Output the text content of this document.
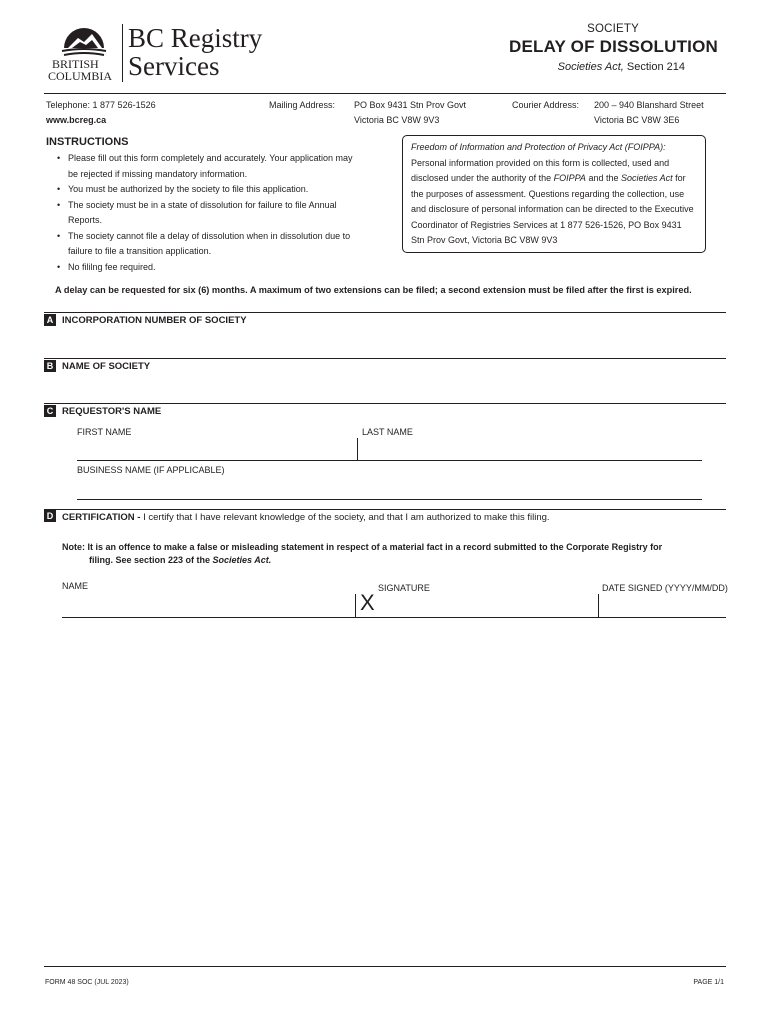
BRITISH
COLUMBIA
BC Registry
Services
SOCIETY
DELAY OF DISSOLUTION
Societies Act, Section 214
Telephone: 1 877 526-1526
www.bcreg.ca
Mailing Address: PO Box 9431 Stn Prov Govt
Victoria BC V8W 9V3
Courier Address: 200 – 940 Blanshard Street
Victoria BC V8W 3E6
INSTRUCTIONS
• Please fill out this form completely and accurately. Your application may be rejected if missing mandatory information.
• You must be authorized by the society to file this application.
• The society must be in a state of dissolution for failure to file Annual Reports.
• The society cannot file a delay of dissolution when in dissolution due to failure to file a transition application.
• No fililng fee required.
Freedom of Information and Protection of Privacy Act (FOIPPA):
Personal information provided on this form is collected, used and disclosed under the authority of the FOIPPA and the Societies Act for the purposes of assessment. Questions regarding the collection, use and disclosure of personal information can be directed to the Executive Coordinator of Registries Services at 1 877 526-1526, PO Box 9431 Stn Prov Govt, Victoria BC V8W 9V3
A delay can be requested for six (6) months. A maximum of two extensions can be filed; a second extension must be filed after the first is expired.
A INCORPORATION NUMBER OF SOCIETY
B NAME OF SOCIETY
C REQUESTOR'S NAME
FIRST NAME	LAST NAME
BUSINESS NAME (IF APPLICABLE)
D CERTIFICATION - I certify that I have relevant knowledge of the society, and that I am authorized to make this filing.
Note: It is an offence to make a false or misleading statement in respect of a material fact in a record submitted to the Corporate Registry for
filing. See section 223 of the Societies Act.
NAME	SIGNATURE	DATE SIGNED (YYYY/MM/DD)
X
FORM 48 SOC (JUL 2023)	PAGE 1/1
